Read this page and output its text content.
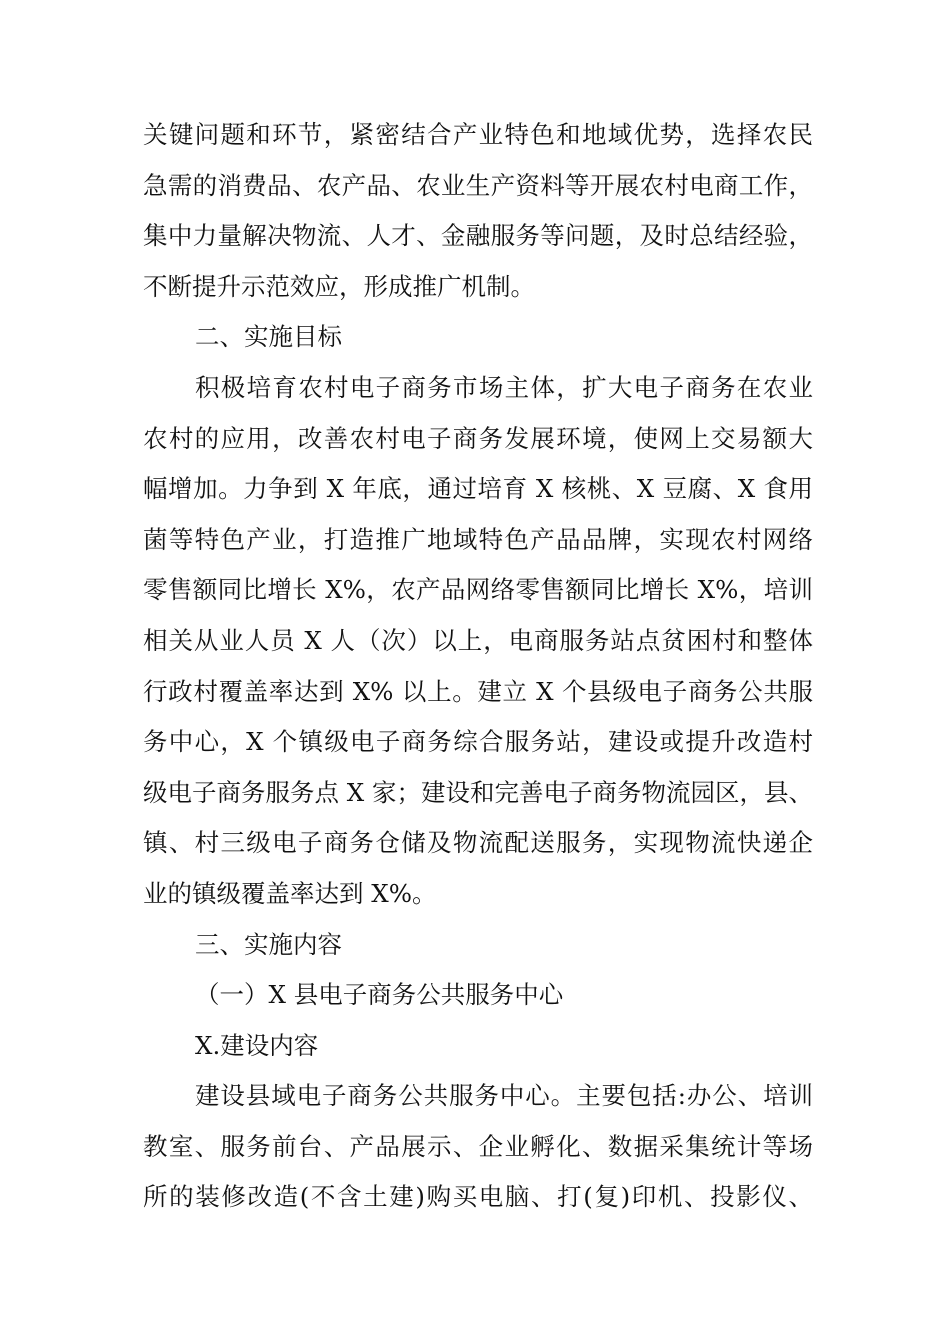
关键问题和环节，紧密结合产业特色和地域优势，选择农民
急需的消费品、农产品、农业生产资料等开展农村电商工作，
集中力量解决物流、人才、金融服务等问题，及时总结经验，
不断提升示范效应，形成推广机制。
二、实施目标
积极培育农村电子商务市场主体，扩大电子商务在农业
农村的应用，改善农村电子商务发展环境，使网上交易额大
幅增加。力争到 X 年底，通过培育 X 核桃、X 豆腐、X 食用
菌等特色产业，打造推广地域特色产品品牌，实现农村网络
零售额同比增长 X%，农产品网络零售额同比增长 X%，培训
相关从业人员 X 人（次）以上，电商服务站点贫困村和整体
行政村覆盖率达到 X% 以上。建立 X 个县级电子商务公共服
务中心，X 个镇级电子商务综合服务站，建设或提升改造村
级电子商务服务点 X 家；建设和完善电子商务物流园区，县、
镇、村三级电子商务仓储及物流配送服务，实现物流快递企
业的镇级覆盖率达到 X%。
三、实施内容
（一）X 县电子商务公共服务中心
X.建设内容
建设县域电子商务公共服务中心。主要包括:办公、培训
教室、服务前台、产品展示、企业孵化、数据采集统计等场
所的装修改造(不含土建)购买电脑、打(复)印机、投影仪、
